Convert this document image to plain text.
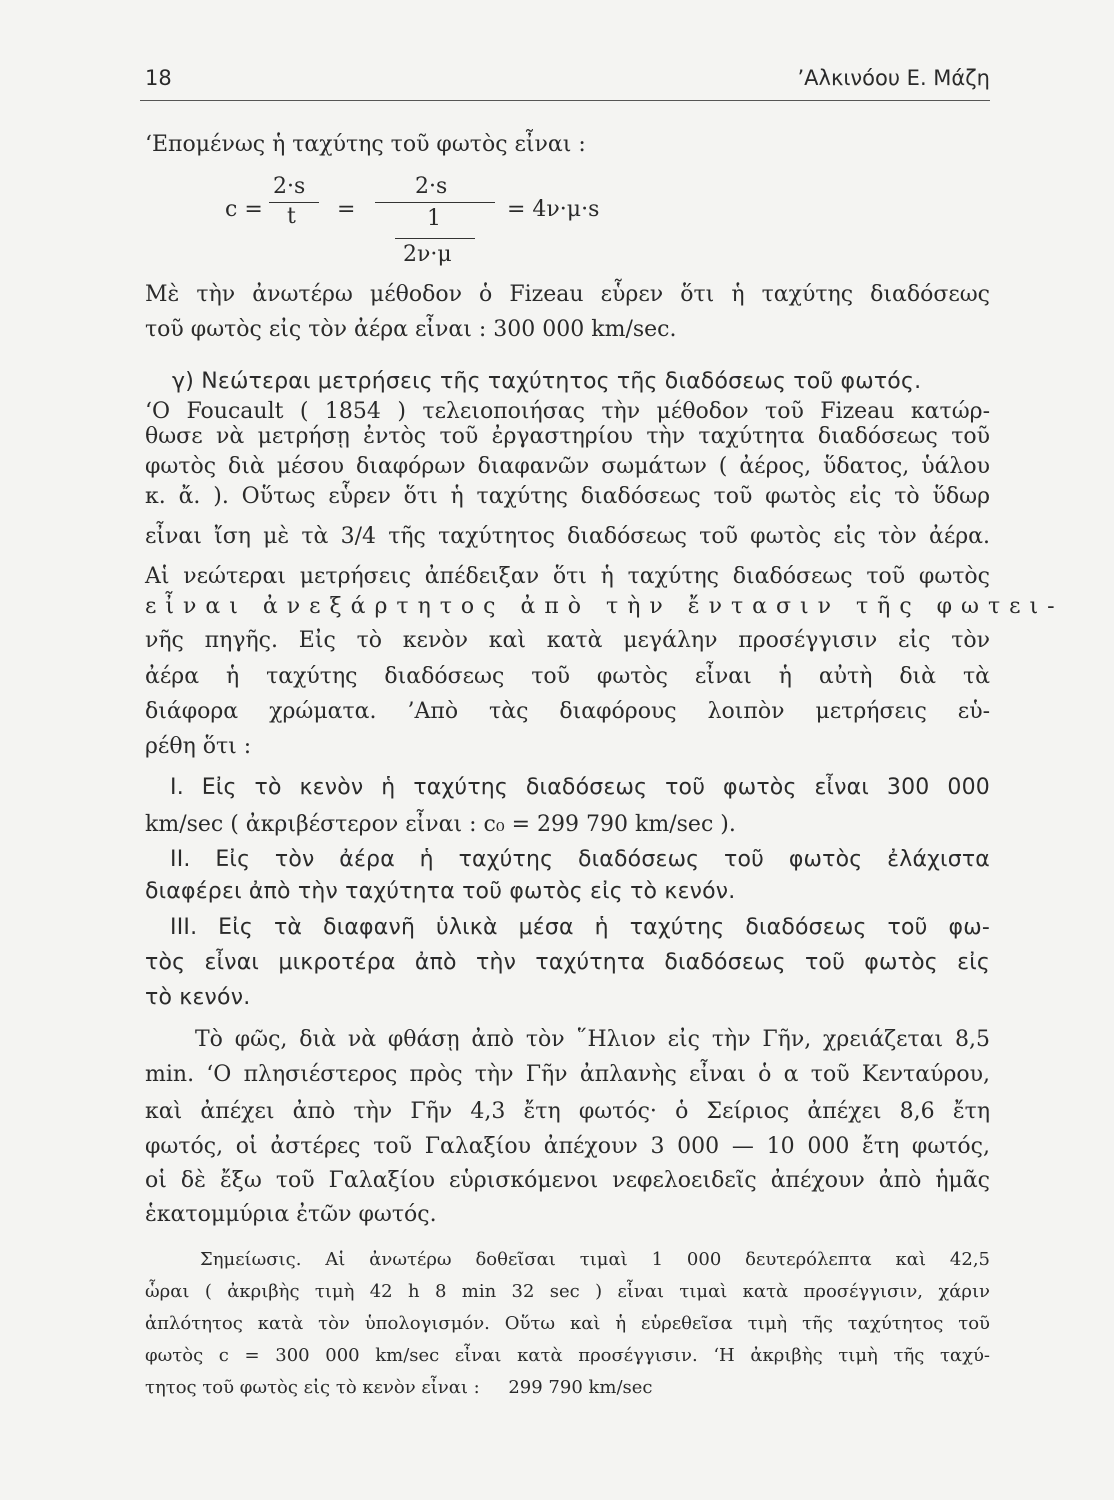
18	’Αλκινόου Ε. Μάζη
‘Επομένως ἡ ταχύτης τοῦ φωτὸς εἶναι :
c =
2·s
t =
2·s
1
2ν·μ
= 4ν·μ·s
Μὲ τὴν ἀνωτέρω μέθοδον ὁ Fizeau εὗρεν ὅτι ἡ ταχύτης διαδόσεως
τοῦ φωτὸς εἰς τὸν ἀέρα εἶναι : 300 000 km/sec.
γ) Νεώτεραι μετρήσεις τῆς ταχύτητος τῆς διαδόσεως τοῦ φωτός.
‘Ο Foucault ( 1854 ) τελειοποιήσας τὴν μέθοδον τοῦ Fizeau κατώρ-
θωσε νὰ μετρήσῃ ἐντὸς τοῦ ἐργαστηρίου τὴν ταχύτητα διαδόσεως τοῦ
φωτὸς διὰ μέσου διαφόρων διαφανῶν σωμάτων ( ἀέρος, ὕδατος, ὑάλου
κ. ἄ. ). Οὕτως εὗρεν ὅτι ἡ ταχύτης διαδόσεως τοῦ φωτὸς εἰς τὸ ὕδωρ
εἶναι ἴση μὲ τὰ 3/4 τῆς ταχύτητος διαδόσεως τοῦ φωτὸς εἰς τὸν ἀέρα.
Αἱ νεώτεραι μετρήσεις ἀπέδειξαν ὅτι ἡ ταχύτης διαδόσεως τοῦ φωτὸς
εἶναι ἀνεξάρτητος ἀπὸ τὴν ἔντασιν τῆς φωτει-
νῆς πηγῆς. Εἰς τὸ κενὸν καὶ κατὰ μεγάλην προσέγγισιν εἰς τὸν
ἀέρα ἡ ταχύτης διαδόσεως τοῦ φωτὸς εἶναι ἡ αὐτὴ διὰ τὰ
διάφορα χρώματα. ’Απὸ τὰς διαφόρους λοιπὸν μετρήσεις εὑ-
ρέθη ὅτι :
I. Εἰς τὸ κενὸν ἡ ταχύτης διαδόσεως τοῦ φωτὸς εἶναι 300 000
km/sec ( ἀκριβέστερον εἶναι : c₀ = 299 790 km/sec ).
II. Εἰς τὸν ἀέρα ἡ ταχύτης διαδόσεως τοῦ φωτὸς ἐλάχιστα
διαφέρει ἀπὸ τὴν ταχύτητα τοῦ φωτὸς εἰς τὸ κενόν.
III. Εἰς τὰ διαφανῆ ὑλικὰ μέσα ἡ ταχύτης διαδόσεως τοῦ φω-
τὸς εἶναι μικροτέρα ἀπὸ τὴν ταχύτητα διαδόσεως τοῦ φωτὸς εἰς
τὸ κενόν.
Τὸ φῶς, διὰ νὰ φθάσῃ ἀπὸ τὸν ῞Ηλιον εἰς τὴν Γῆν, χρειάζεται 8,5
min. ‘Ο πλησιέστερος πρὸς τὴν Γῆν ἀπλανὴς εἶναι ὁ α τοῦ Κενταύρου,
καὶ ἀπέχει ἀπὸ τὴν Γῆν 4,3 ἔτη φωτός· ὁ Σείριος ἀπέχει 8,6 ἔτη
φωτός, οἱ ἀστέρες τοῦ Γαλαξίου ἀπέχουν 3 000 — 10 000 ἔτη φωτός,
οἱ δὲ ἔξω τοῦ Γαλαξίου εὑρισκόμενοι νεφελοειδεῖς ἀπέχουν ἀπὸ ἡμᾶς
ἑκατομμύρια ἐτῶν φωτός.
Σημείωσις. Αἱ ἀνωτέρω δοθεῖσαι τιμαὶ 1 000 δευτερόλεπτα καὶ 42,5
ὧραι ( ἀκριβὴς τιμὴ 42 h 8 min 32 sec ) εἶναι τιμαὶ κατὰ προσέγγισιν, χάριν
ἁπλότητος κατὰ τὸν ὑπολογισμόν. Οὕτω καὶ ἡ εὑρεθεῖσα τιμὴ τῆς ταχύτητος τοῦ
φωτὸς c = 300 000 km/sec εἶναι κατὰ προσέγγισιν. ‘Η ἀκριβὴς τιμὴ τῆς ταχύ-
τητος τοῦ φωτὸς εἰς τὸ κενὸν εἶναι :     299 790 km/sec
